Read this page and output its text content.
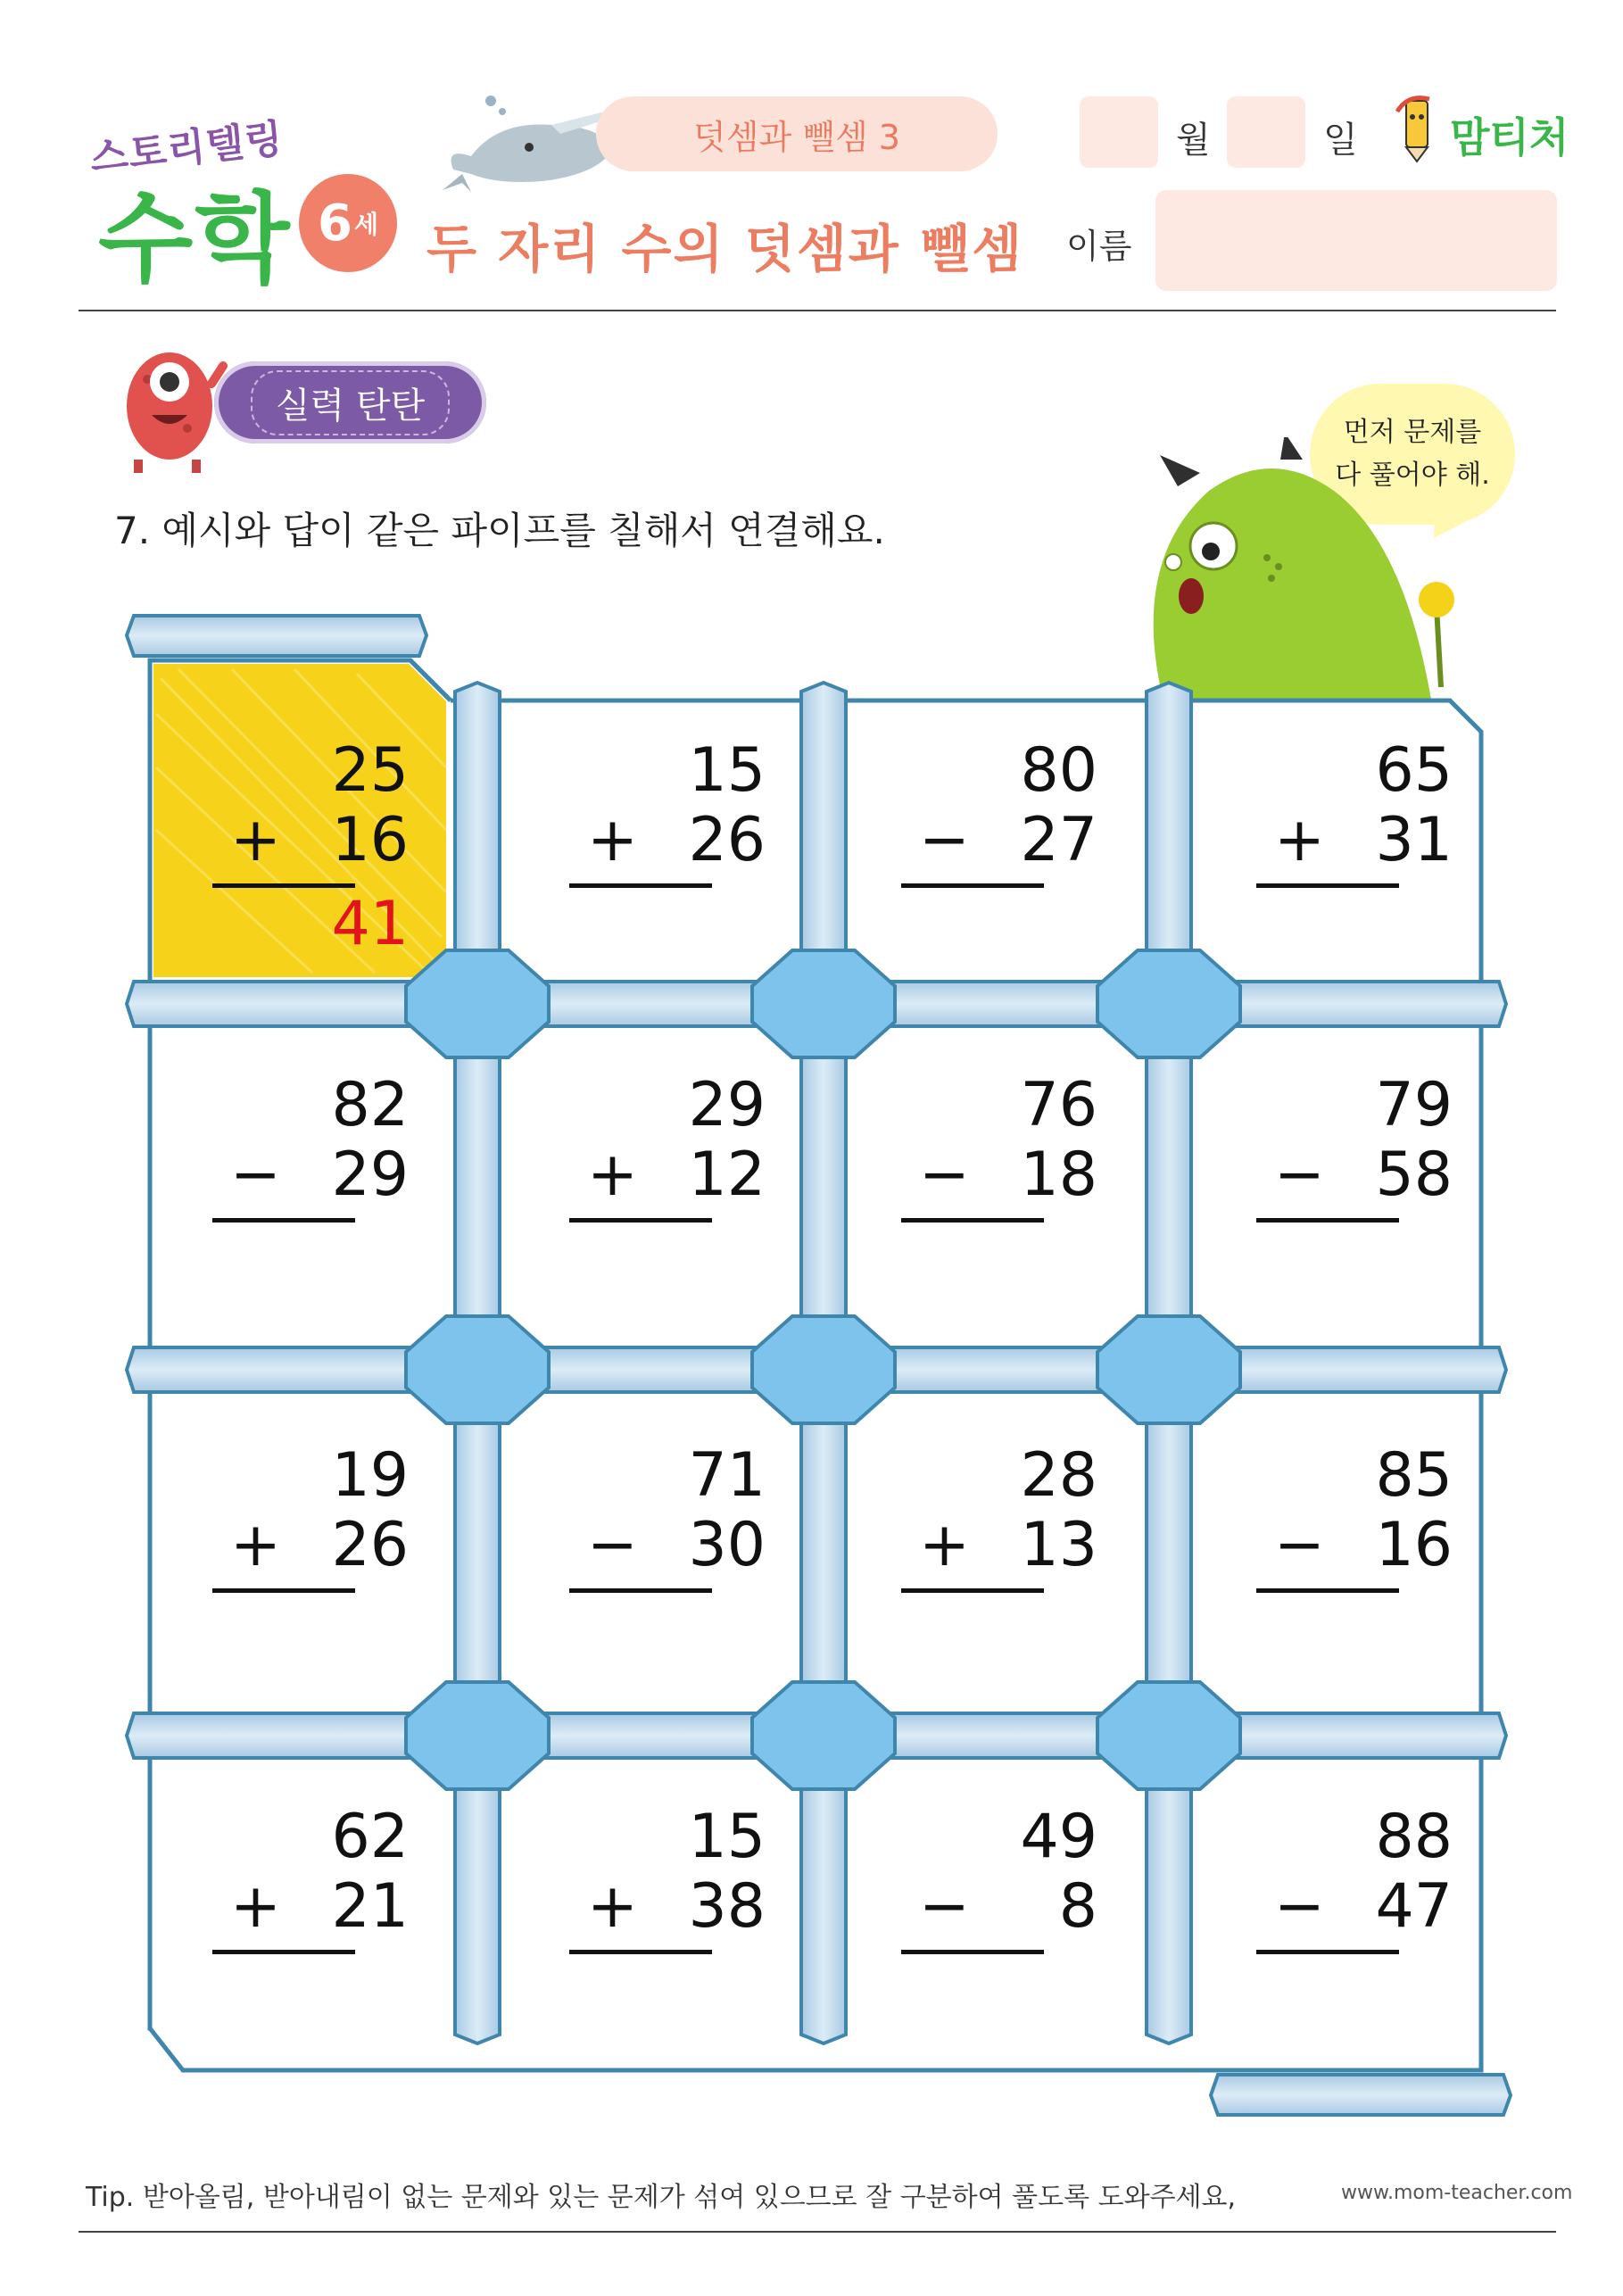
스토리텔링
수학 6 세
덧셈과 뺄셈 3
두 자리 수의 덧셈과 뺄셈
월	일 맘티처
이름
실력 탄탄
7. 예시와 답이 같은 파이프를 칠해서 연결해요.
먼저 문제를
다 풀어야 해.
25
+ 16
41
15
+ 26
80
− 27
65
+ 31
82
− 29
29
+ 12
76
− 18
79
− 58
19
+ 26
71
− 30
28
+ 13
85
− 16
62
+ 21
15
+ 38
49
− 8
88
− 47
Tip. 받아올림, 받아내림이 없는 문제와 있는 문제가 섞여 있으므로 잘 구분하여 풀도록 도와주세요,	www.mom-teacher.com
